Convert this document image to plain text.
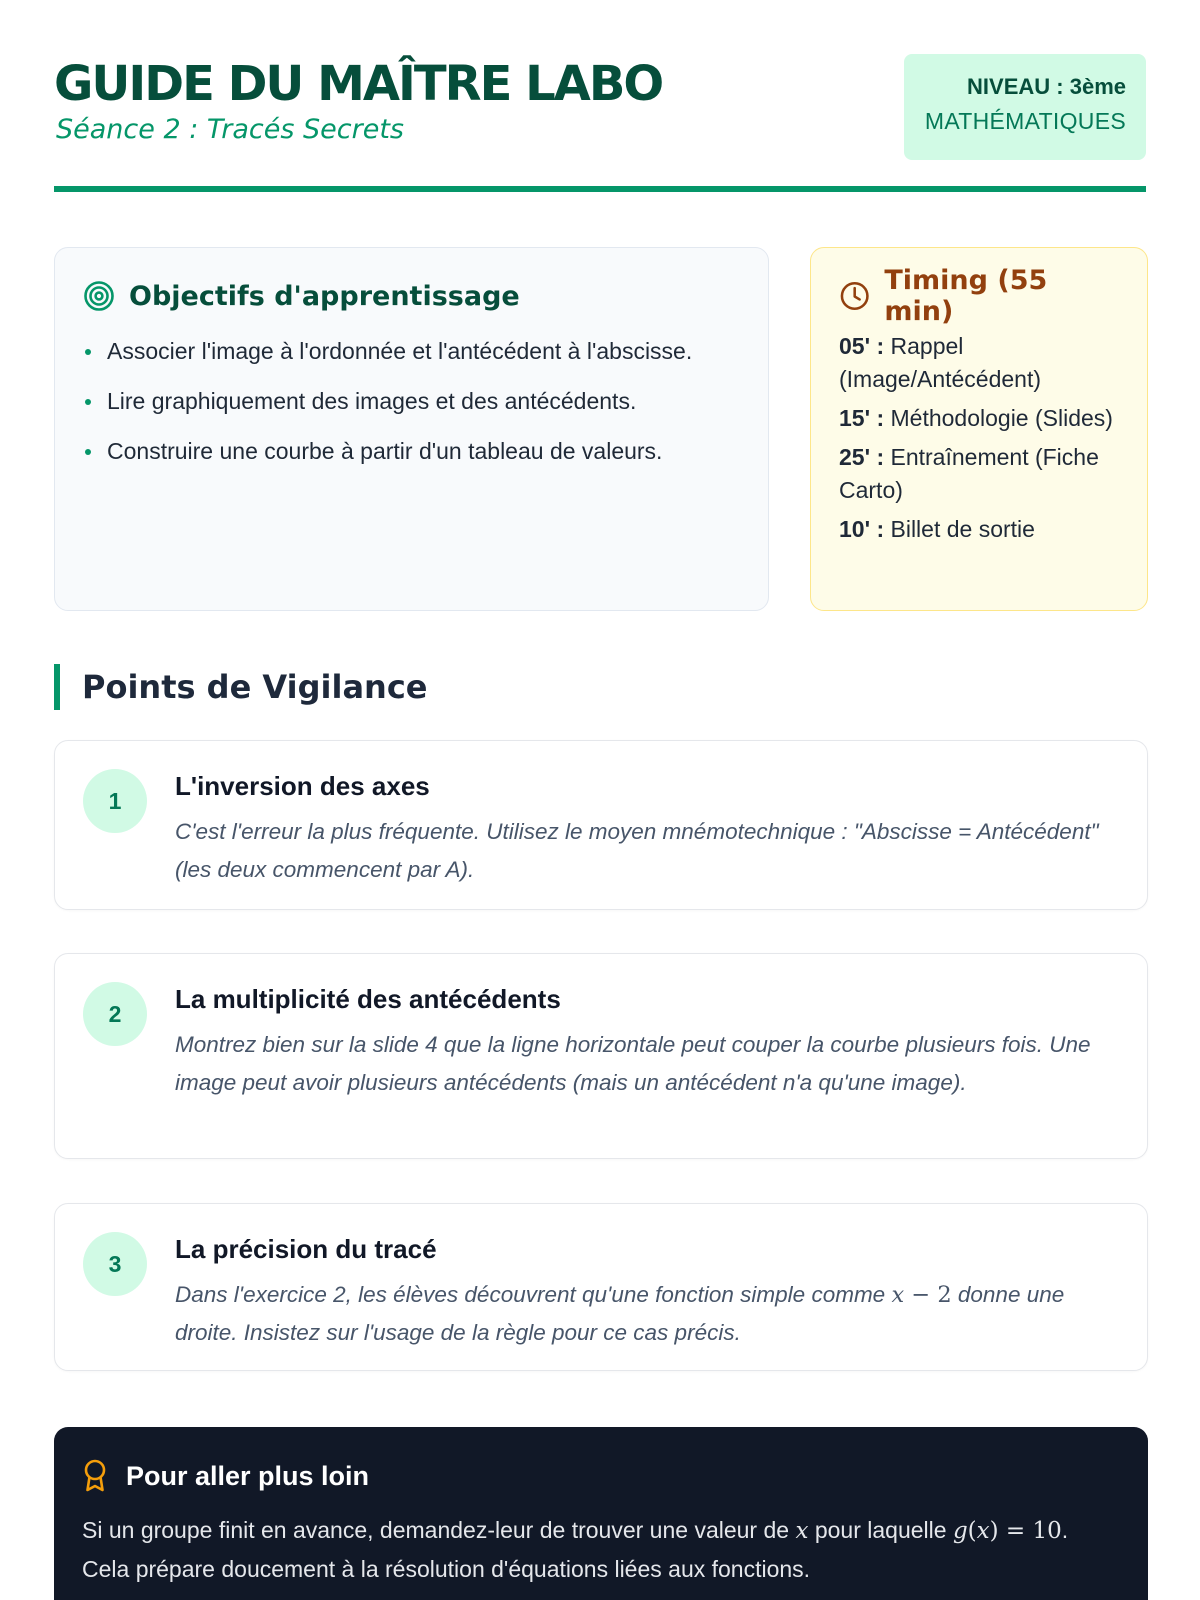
GUIDE DU MAÎTRE LABO
Séance 2 : Tracés Secrets
NIVEAU : 3ème
MATHÉMATIQUES
Objectifs d'apprentissage
Associer l'image à l'ordonnée et l'antécédent à l'abscisse.
Lire graphiquement des images et des antécédents.
Construire une courbe à partir d'un tableau de valeurs.
Timing (55 min)
05' : Rappel (Image/Antécédent)
15' : Méthodologie (Slides)
25' : Entraînement (Fiche Carto)
10' : Billet de sortie
Points de Vigilance
1	L'inversion des axes
C'est l'erreur la plus fréquente. Utilisez le moyen mnémotechnique : "Abscisse = Antécédent" (les deux commencent par A).
2	La multiplicité des antécédents
Montrez bien sur la slide 4 que la ligne horizontale peut couper la courbe plusieurs fois. Une image peut avoir plusieurs antécédents (mais un antécédent n'a qu'une image).
3	La précision du tracé
Dans l'exercice 2, les élèves découvrent qu'une fonction simple comme x − 2 donne une droite. Insistez sur l'usage de la règle pour ce cas précis.
Pour aller plus loin
Si un groupe finit en avance, demandez-leur de trouver une valeur de x pour laquelle g(x) = 10. Cela prépare doucement à la résolution d'équations liées aux fonctions.
